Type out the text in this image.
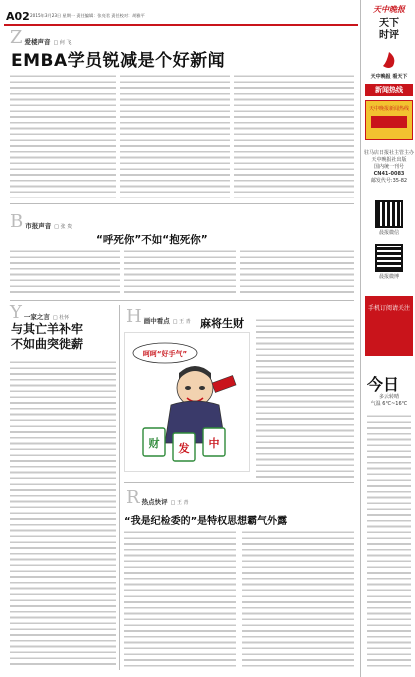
A02 2015年3月23日 星期一 责任编辑：张亮君 责任校对：胡雅平
Z 爱楼声音 □ 何 飞
EMBA学员锐减是个好新闻
B 市报声音 □ 张 贵
“呼死你”不如“抱死你”
Y 一家之言 □ 杜怀
与其亡羊补牢
不如曲突徙薪
H 画中看点 □ 王 青 麻将生财
呵呵“好手气”
财 发 中
R 热点快评 □ 王 青
“我是纪检委的”是特权思想霸气外露
天中晚报
天下
时评
天中晚报 看天下
新闻热线
天中晚报新闻热线
驻马店日报社主管主办
天中晚报社出版
国内统一刊号
CN41-0083
邮发代号:35-82
晨报微信
晨报微博
手机订阅请关注
今日
多云转晴
气温 6℃~16℃
